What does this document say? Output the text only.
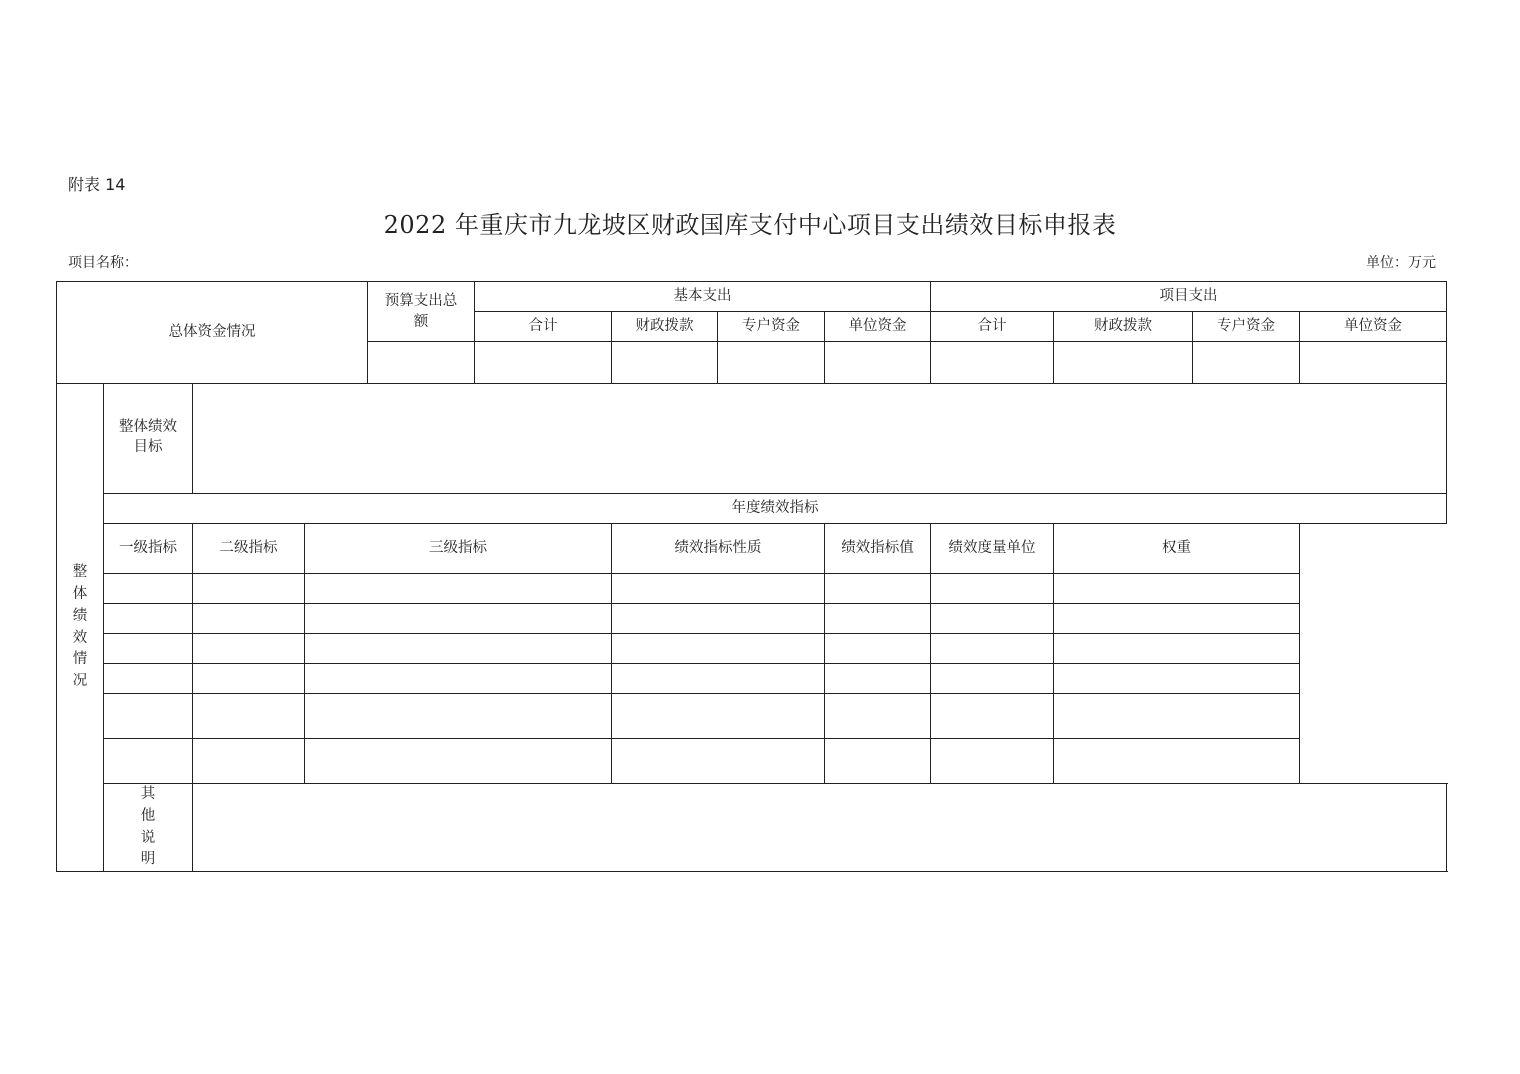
附表 14
2022 年重庆市九龙坡区财政国库支付中心项目支出绩效目标申报表
项目名称：	单位：万元
总体资金情况				预算支出总额	基本支出				项目支出			
					合计	财政拨款	专户资金	单位资金	合计	财政拨款	专户资金	单位资金

整体绩效情况	整体绩效目标											
	年度绩效指标											
	一级指标	二级指标	三级指标			绩效指标性质		绩效指标值	绩效度量单位	权重		

	其他说明											
